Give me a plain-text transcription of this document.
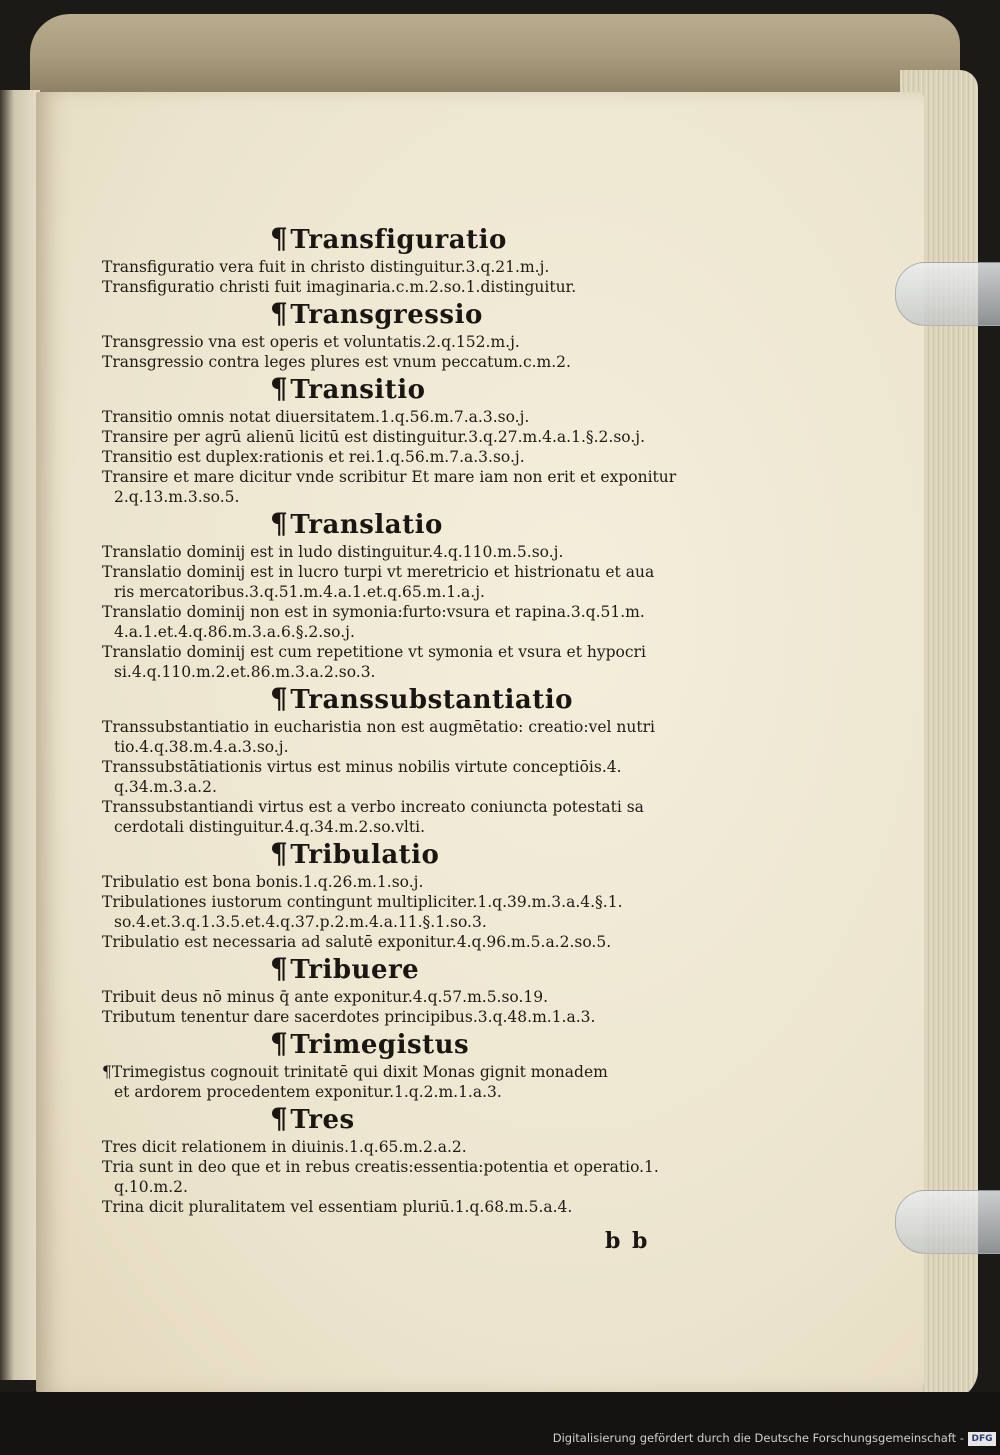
¶Transfiguratio
Transfiguratio vera fuit in christo distinguitur.3.q.21.m.j.
Transfiguratio christi fuit imaginaria.c.m.2.so.1.distinguitur.
¶Transgressio
Transgressio vna est operis et voluntatis.2.q.152.m.j.
Transgressio contra leges plures est vnum peccatum.c.m.2.
¶Transitio
Transitio omnis notat diuersitatem.1.q.56.m.7.a.3.so.j.
Transire per agrū alienū licitū est distinguitur.3.q.27.m.4.a.1.§.2.so.j.
Transitio est duplex:rationis et rei.1.q.56.m.7.a.3.so.j.
Transire et mare dicitur vnde scribitur Et mare iam non erit et exponitur
2.q.13.m.3.so.5.
¶Translatio
Translatio dominij est in ludo distinguitur.4.q.110.m.5.so.j.
Translatio dominij est in lucro turpi vt meretricio et histrionatu et aua
ris mercatoribus.3.q.51.m.4.a.1.et.q.65.m.1.a.j.
Translatio dominij non est in symonia:furto:vsura et rapina.3.q.51.m.
4.a.1.et.4.q.86.m.3.a.6.§.2.so.j.
Translatio dominij est cum repetitione vt symonia et vsura et hypocri
si.4.q.110.m.2.et.86.m.3.a.2.so.3.
¶Transsubstantiatio
Transsubstantiatio in eucharistia non est augmētatio: creatio:vel nutri
tio.4.q.38.m.4.a.3.so.j.
Transsubstātiationis virtus est minus nobilis virtute conceptiōis.4.
q.34.m.3.a.2.
Transsubstantiandi virtus est a verbo increato coniuncta potestati sa
cerdotali distinguitur.4.q.34.m.2.so.vlti.
¶Tribulatio
Tribulatio est bona bonis.1.q.26.m.1.so.j.
Tribulationes iustorum contingunt multipliciter.1.q.39.m.3.a.4.§.1.
so.4.et.3.q.1.3.5.et.4.q.37.p.2.m.4.a.11.§.1.so.3.
Tribulatio est necessaria ad salutē exponitur.4.q.96.m.5.a.2.so.5.
¶Tribuere
Tribuit deus nō minus q̄ ante exponitur.4.q.57.m.5.so.19.
Tributum tenentur dare sacerdotes principibus.3.q.48.m.1.a.3.
¶Trimegistus
¶Trimegistus cognouit trinitatē qui dixit Monas gignit monadem
et ardorem procedentem exponitur.1.q.2.m.1.a.3.
¶Tres
Tres dicit relationem in diuinis.1.q.65.m.2.a.2.
Tria sunt in deo que et in rebus creatis:essentia:potentia et operatio.1.
q.10.m.2.
Trina dicit pluralitatem vel essentiam pluriū.1.q.68.m.5.a.4.
b b
Digitalisierung gefördert durch die Deutsche Forschungsgemeinschaft - DFG
